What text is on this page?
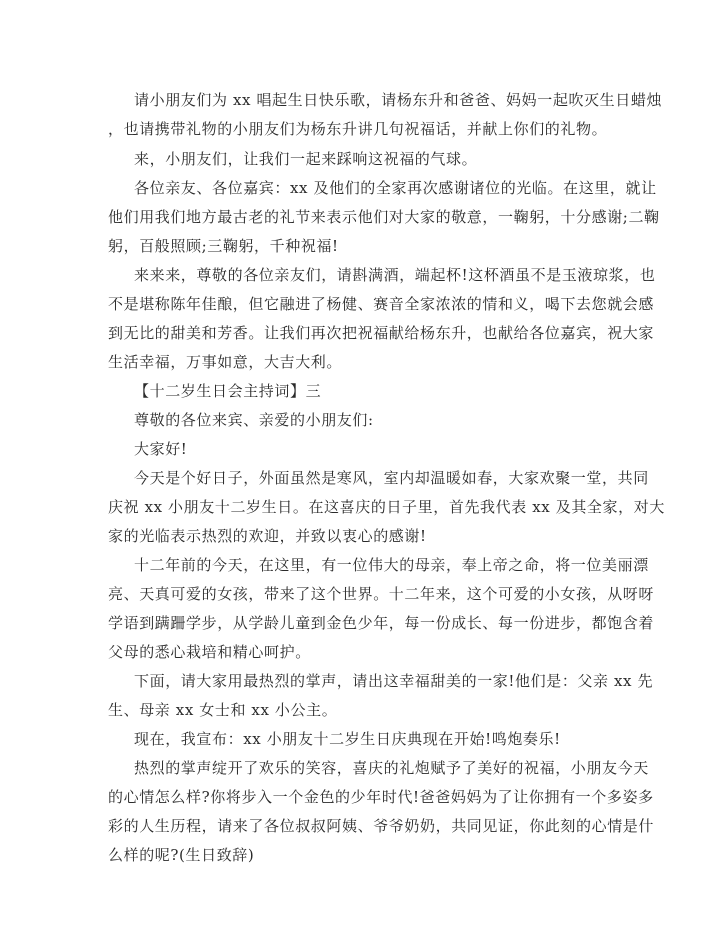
请小朋友们为 xx 唱起生日快乐歌，请杨东升和爸爸、妈妈一起吹灭生日蜡烛
，也请携带礼物的小朋友们为杨东升讲几句祝福话，并献上你们的礼物。
来，小朋友们，让我们一起来踩响这祝福的气球。
各位亲友、各位嘉宾：xx 及他们的全家再次感谢诸位的光临。在这里，就让
他们用我们地方最古老的礼节来表示他们对大家的敬意，一鞠躬，十分感谢;二鞠
躬，百般照顾;三鞠躬，千种祝福!
来来来，尊敬的各位亲友们，请斟满酒，端起杯!这杯酒虽不是玉液琼浆，也
不是堪称陈年佳酿，但它融进了杨健、赛音全家浓浓的情和义，喝下去您就会感
到无比的甜美和芳香。让我们再次把祝福献给杨东升，也献给各位嘉宾，祝大家
生活幸福，万事如意，大吉大利。
【十二岁生日会主持词】三
尊敬的各位来宾、亲爱的小朋友们:
大家好!
今天是个好日子，外面虽然是寒风，室内却温暖如春，大家欢聚一堂，共同
庆祝 xx 小朋友十二岁生日。在这喜庆的日子里，首先我代表 xx 及其全家，对大
家的光临表示热烈的欢迎，并致以衷心的感谢!
十二年前的今天，在这里，有一位伟大的母亲，奉上帝之命，将一位美丽漂
亮、天真可爱的女孩，带来了这个世界。十二年来，这个可爱的小女孩，从呀呀
学语到蹒跚学步，从学龄儿童到金色少年，每一份成长、每一份进步，都饱含着
父母的悉心栽培和精心呵护。
下面，请大家用最热烈的掌声，请出这幸福甜美的一家!他们是：父亲 xx 先
生、母亲 xx 女士和 xx 小公主。
现在，我宣布：xx 小朋友十二岁生日庆典现在开始!鸣炮奏乐!
热烈的掌声绽开了欢乐的笑容，喜庆的礼炮赋予了美好的祝福，小朋友今天
的心情怎么样?你将步入一个金色的少年时代!爸爸妈妈为了让你拥有一个多姿多
彩的人生历程，请来了各位叔叔阿姨、爷爷奶奶，共同见证，你此刻的心情是什
么样的呢?(生日致辞)
